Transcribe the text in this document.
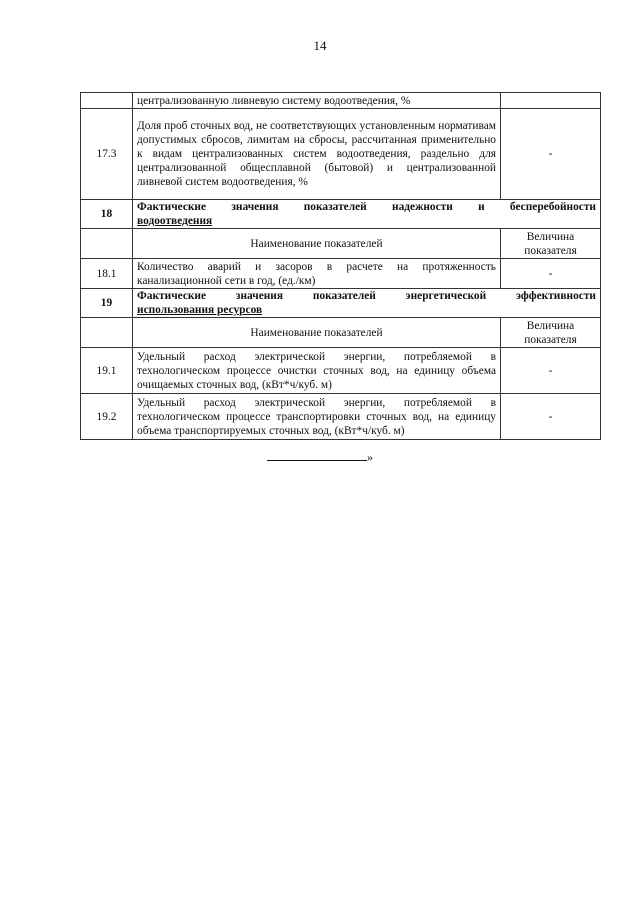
14
	централизованную ливневую систему водоотведения, %	
17.3	Доля проб сточных вод, не соответствующих установленным нормативам допустимых сбросов, лимитам на сбросы, рассчитанная применительно к видам централизованных систем водоотведения, раздельно для централизованной общесплавной (бытовой) и централизованной ливневой систем водоотведения, %	-
18	Фактические значения показателей надежности и бесперебойности
водоотведения	

	Наименование показателей	Величина показателя
18.1	Количество аварий и засоров в расчете на протяженность канализационной сети в год, (ед./км)	-
19	Фактические значения показателей энергетической эффективности
использования ресурсов	

	Наименование показателей	Величина показателя
19.1	Удельный расход электрической энергии, потребляемой в технологическом процессе очистки сточных вод, на единицу объема очищаемых сточных вод, (кВт*ч/куб. м)	-
19.2	Удельный расход электрической энергии, потребляемой в технологическом процессе транспортировки сточных вод, на единицу объема транспортируемых сточных вод, (кВт*ч/куб. м)	-
»
